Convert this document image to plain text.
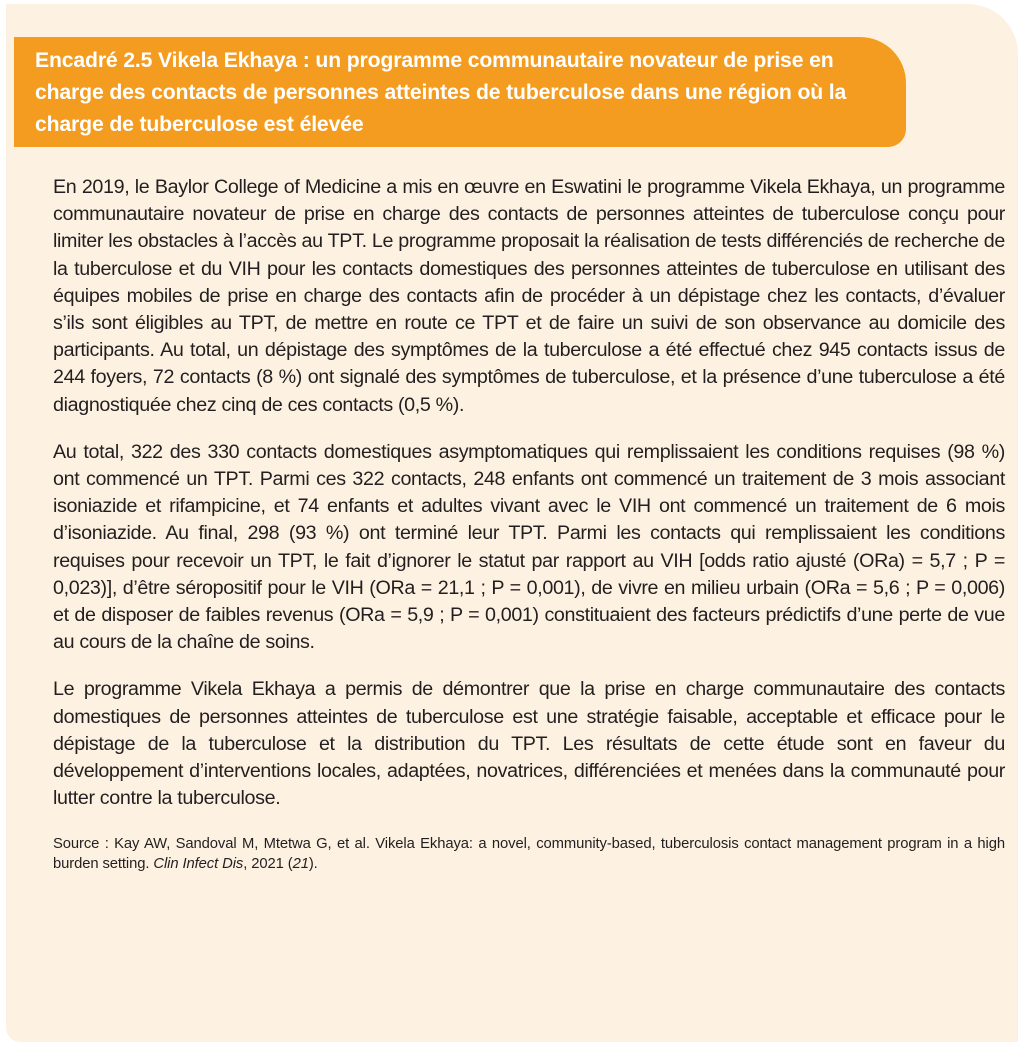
Encadré 2.5 Vikela Ekhaya : un programme communautaire novateur de prise en charge des contacts de personnes atteintes de tuberculose dans une région où la charge de tuberculose est élevée

En 2019, le Baylor College of Medicine a mis en œuvre en Eswatini le programme Vikela Ekhaya, un programme communautaire novateur de prise en charge des contacts de personnes atteintes de tuberculose conçu pour limiter les obstacles à l’accès au TPT. Le programme proposait la réalisation de tests différenciés de recherche de la tuberculose et du VIH pour les contacts domestiques des personnes atteintes de tuberculose en utilisant des équipes mobiles de prise en charge des contacts afin de procéder à un dépistage chez les contacts, d’évaluer s’ils sont éligibles au TPT, de mettre en route ce TPT et de faire un suivi de son observance au domicile des participants. Au total, un dépistage des symptômes de la tuberculose a été effectué chez 945 contacts issus de 244 foyers, 72 contacts (8 %) ont signalé des symptômes de tuberculose, et la présence d’une tuberculose a été diagnostiquée chez cinq de ces contacts (0,5 %).

Au total, 322 des 330 contacts domestiques asymptomatiques qui remplissaient les conditions requises (98 %) ont commencé un TPT. Parmi ces 322 contacts, 248 enfants ont commencé un traitement de 3 mois associant isoniazide et rifampicine, et 74 enfants et adultes vivant avec le VIH ont commencé un traitement de 6 mois d’isoniazide. Au final, 298 (93 %) ont terminé leur TPT. Parmi les contacts qui remplissaient les conditions requises pour recevoir un TPT, le fait d’ignorer le statut par rapport au VIH [odds ratio ajusté (ORa) = 5,7 ; P = 0,023)], d’être séropositif pour le VIH (ORa = 21,1 ; P = 0,001), de vivre en milieu urbain (ORa = 5,6 ; P = 0,006) et de disposer de faibles revenus (ORa = 5,9 ; P = 0,001) constituaient des facteurs prédictifs d’une perte de vue au cours de la chaîne de soins.

Le programme Vikela Ekhaya a permis de démontrer que la prise en charge communautaire des contacts domestiques de personnes atteintes de tuberculose est une stratégie faisable, acceptable et efficace pour le dépistage de la tuberculose et la distribution du TPT. Les résultats de cette étude sont en faveur du développement d’interventions locales, adaptées, novatrices, différenciées et menées dans la communauté pour lutter contre la tuberculose.

Source : Kay AW, Sandoval M, Mtetwa G, et al. Vikela Ekhaya: a novel, community-based, tuberculosis contact management program in a high burden setting. Clin Infect Dis, 2021 (21).
